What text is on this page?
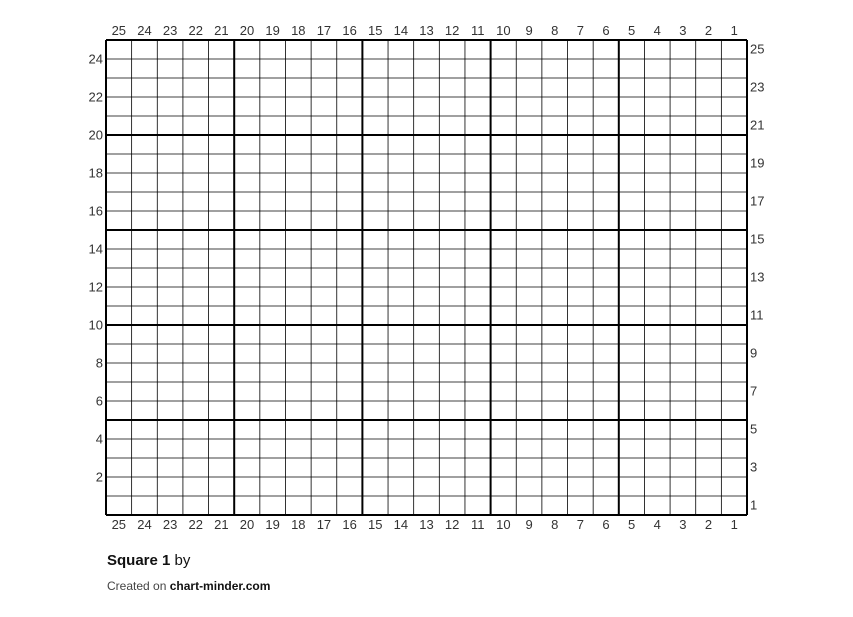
25 24 23 22 21 20 19 18 17 16 15 14 13 12 11 10 9 8 7 6 5 4 3 2 1
25 24 23 22 21 20 19 18 17 16 15 14 13 12 11 10 9 8 7 6 5 4 3 2 1
24
22
20
18
16
14
12
10
8
6
4
2
25
23
21
19
17
15
13
11
9
7
5
3
1

Square 1 by

Created on chart-minder.com
